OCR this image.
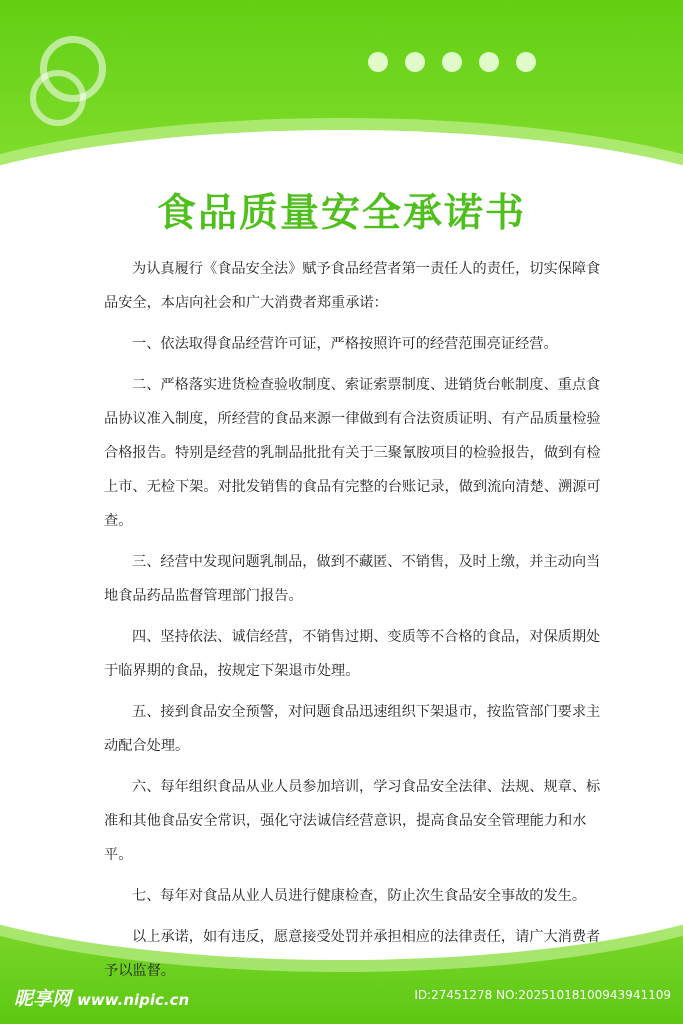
食品质量安全承诺书

为认真履行《食品安全法》赋予食品经营者第一责任人的责任，切实保障食品安全，本店向社会和广大消费者郑重承诺：

一、依法取得食品经营许可证，严格按照许可的经营范围亮证经营。

二、严格落实进货检查验收制度、索证索票制度、进销货台帐制度、重点食品协议准入制度，所经营的食品来源一律做到有合法资质证明、有产品质量检验合格报告。特别是经营的乳制品批批有关于三聚氰胺项目的检验报告，做到有检上市、无检下架。对批发销售的食品有完整的台账记录，做到流向清楚、溯源可查。

三、经营中发现问题乳制品，做到不藏匿、不销售，及时上缴，并主动向当地食品药品监督管理部门报告。

四、坚持依法、诚信经营，不销售过期、变质等不合格的食品，对保质期处于临界期的食品，按规定下架退市处理。

五、接到食品安全预警，对问题食品迅速组织下架退市，按监管部门要求主动配合处理。

六、每年组织食品从业人员参加培训，学习食品安全法律、法规、规章、标准和其他食品安全常识，强化守法诚信经营意识，提高食品安全管理能力和水平。

七、每年对食品从业人员进行健康检查，防止次生食品安全事故的发生。

以上承诺，如有违反，愿意接受处罚并承担相应的法律责任，请广大消费者予以监督。

昵享网 www.nipic.cn	ID:27451278 NO:20251018100943941109
